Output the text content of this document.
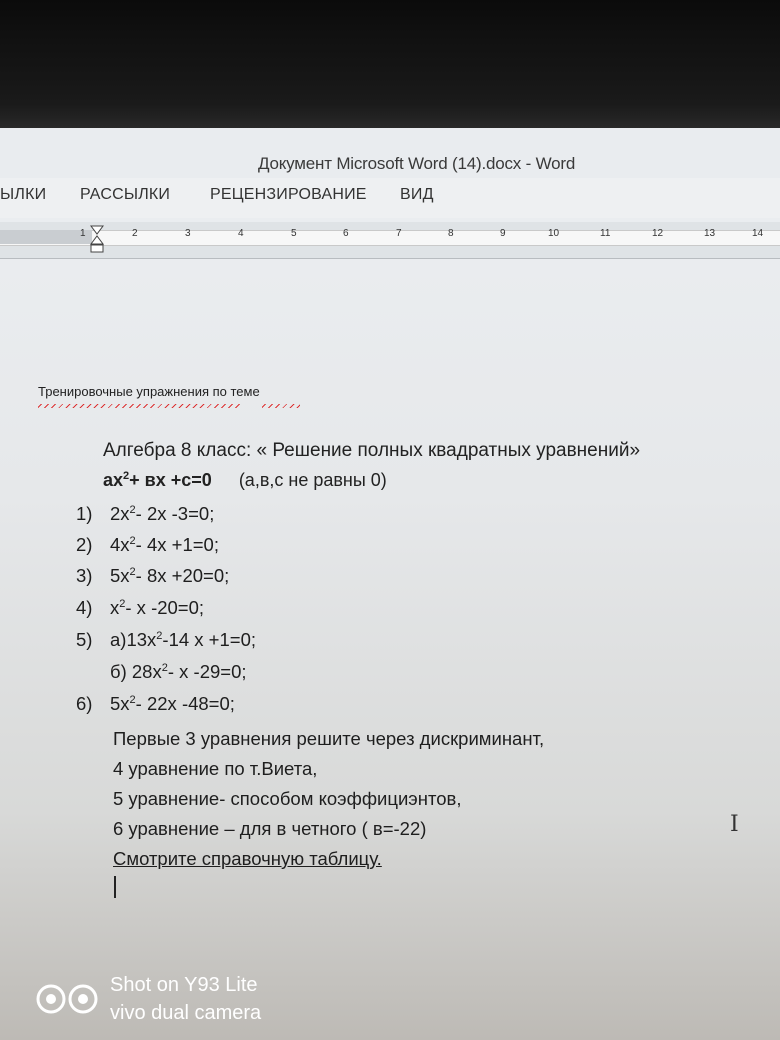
Документ Microsoft Word (14).docx - Word
ЫЛКИ РАССЫЛКИ РЕЦЕНЗИРОВАНИЕ ВИД
1	2	3	4	5	6	7	8	9	10	11	12	13	14
Тренировочные упражнения по теме
Алгебра 8 класс: « Решение полных квадратных уравнений»
$ax^2+$ вх +с=0 (а,в,с не равны 0)
1) $2x^2-$ 2х -3=0;
2) $4x^2-$ 4х +1=0;
3) $5x^2-$ 8х +20=0;
4) $x^2-$ х -20=0;
5) $а)13x^2-14$ х +1=0;
б) $28x^2-$ х -29=0;
6) $5x^2-$ 22х -48=0;
Первые 3 уравнения решите через дискриминант,
4 уравнение по т.Виета,
5 уравнение- способом коэффициэнтов,
6 уравнение – для в четного ( в=-22)
Смотрите справочную таблицу.
I
Shot on Y93 Lite
vivo dual camera
